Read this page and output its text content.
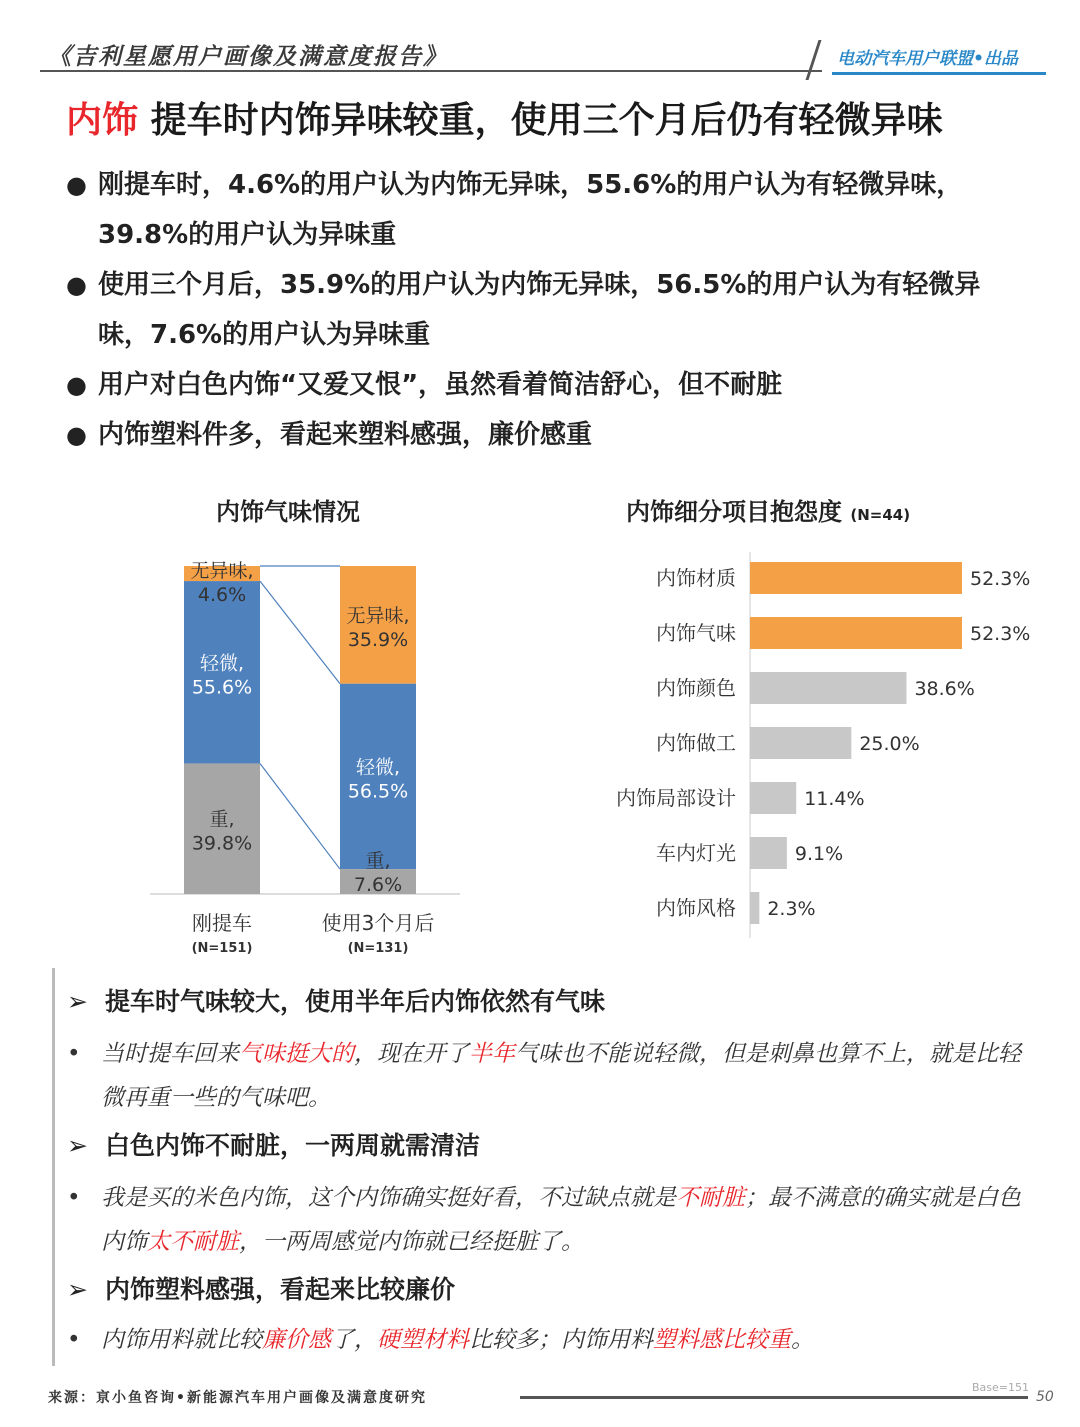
《吉利星愿用户画像及满意度报告》	电动汽车用户联盟•出品
内饰 提车时内饰异味较重，使用三个月后仍有轻微异味
● 刚提车时，4.6%的用户认为内饰无异味，55.6%的用户认为有轻微异味，39.8%的用户认为异味重
● 使用三个月后，35.9%的用户认为内饰无异味，56.5%的用户认为有轻微异味，7.6%的用户认为异味重
● 用户对白色内饰“又爱又恨”，虽然看着简洁舒心，但不耐脏
● 内饰塑料件多，看起来塑料感强，廉价感重
内饰气味情况	内饰细分项目抱怨度 (N=44)
无异味,
4.6%
轻微,
55.6%
重,
39.8%
刚提车
(N=151)
无异味,
35.9%
轻微,
56.5%
重,
7.6%
使用3个月后
(N=131)
内饰材质	52.3%
内饰气味	52.3%
内饰颜色	38.6%
内饰做工	25.0%
内饰局部设计	11.4%
车内灯光	9.1%
内饰风格 2.3%
➢ 提车时气味较大，使用半年后内饰依然有气味
• 当时提车回来气味挺大的，现在开了半年气味也不能说轻微，但是刺鼻也算不上，就是比轻微再重一些的气味吧。
➢ 白色内饰不耐脏，一两周就需清洁
• 我是买的米色内饰，这个内饰确实挺好看，不过缺点就是不耐脏；最不满意的确实就是白色内饰太不耐脏，一两周感觉内饰就已经挺脏了。
➢ 内饰塑料感强，看起来比较廉价
• 内饰用料就比较廉价感了，硬塑材料比较多；内饰用料塑料感比较重。
来源：亰小鱼咨询•新能源汽车用户画像及满意度研究
Base=151
50
